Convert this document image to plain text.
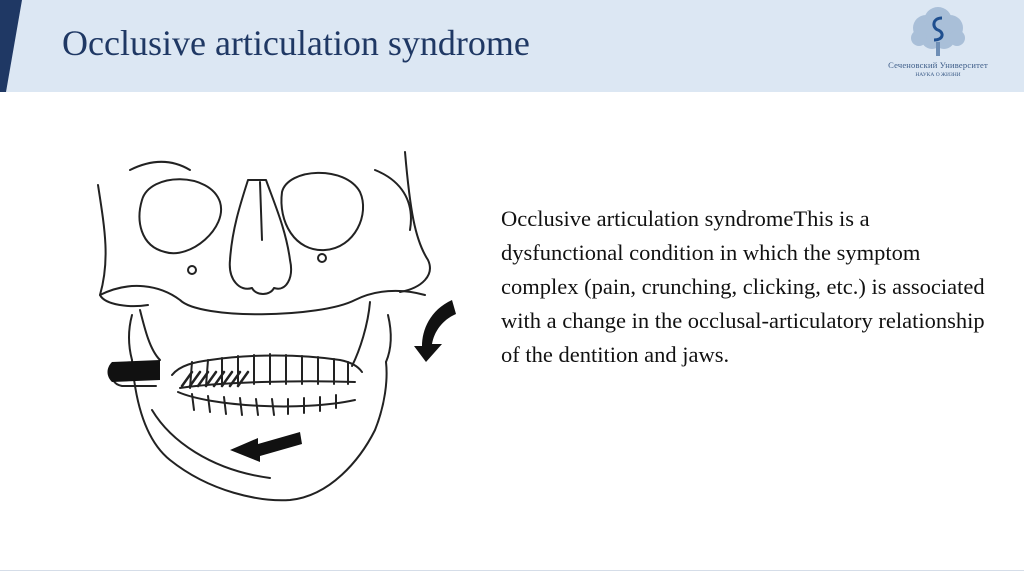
Occlusive articulation syndrome
Сеченовский Университет
НАУКА О ЖИЗНИ
Occlusive articulation syndromeThis is a dysfunctional condition in which the symptom complex (pain, crunching, clicking, etc.) is associated with a change in the occlusal-articulatory relationship of the dentition and jaws.
